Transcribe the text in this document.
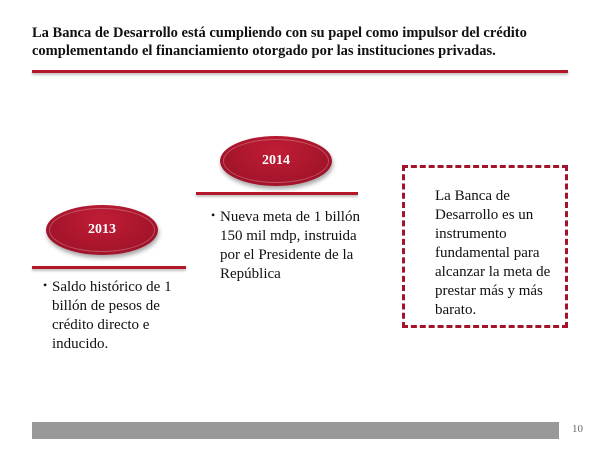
La Banca de Desarrollo está cumpliendo con su papel como impulsor del crédito complementando el financiamiento otorgado por las instituciones privadas.
2014
• Nueva meta de 1 billón 150 mil mdp, instruida por el Presidente de la República
2013
• Saldo histórico de 1 billón de pesos de crédito directo e inducido.
La Banca de Desarrollo es un instrumento fundamental para alcanzar la meta de prestar más y más barato.
10
